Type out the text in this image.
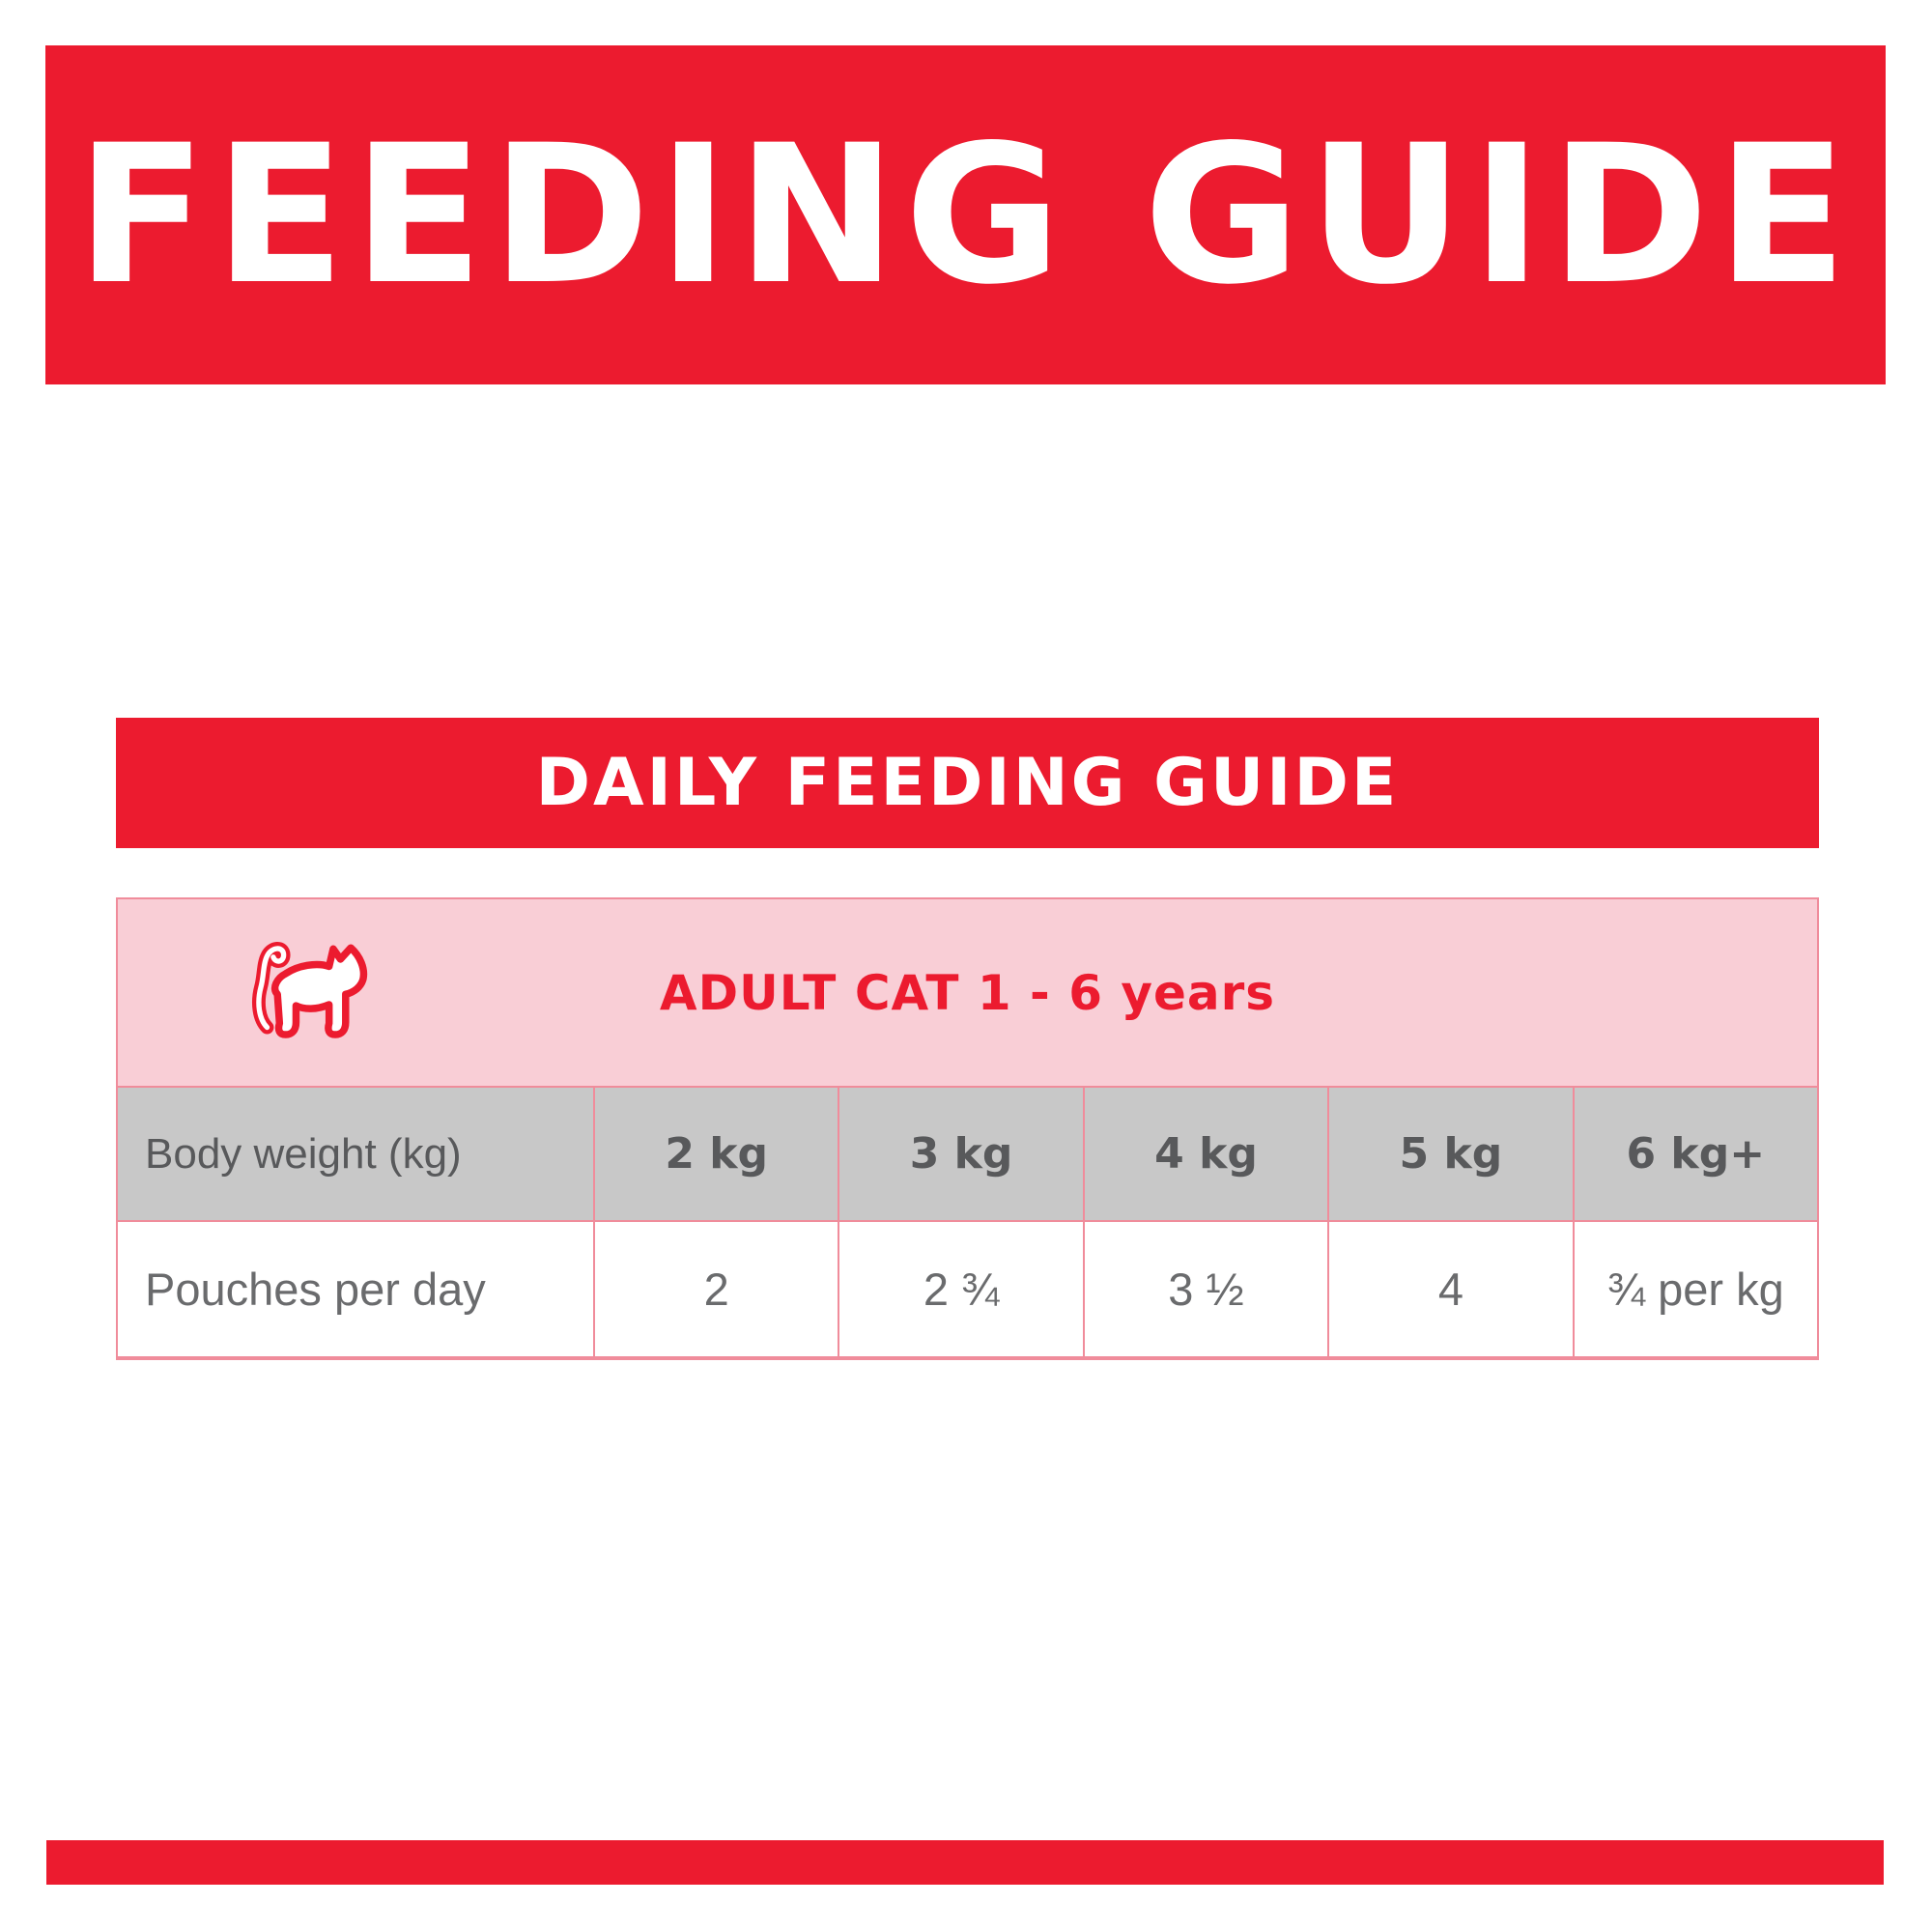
FEEDING GUIDE
DAILY FEEDING GUIDE
ADULT CAT 1 - 6 years
Body weight (kg)	2 kg	3 kg	4 kg	5 kg	6 kg+
Pouches per day	2	2 ¾	3 ½	4	¾ per kg
